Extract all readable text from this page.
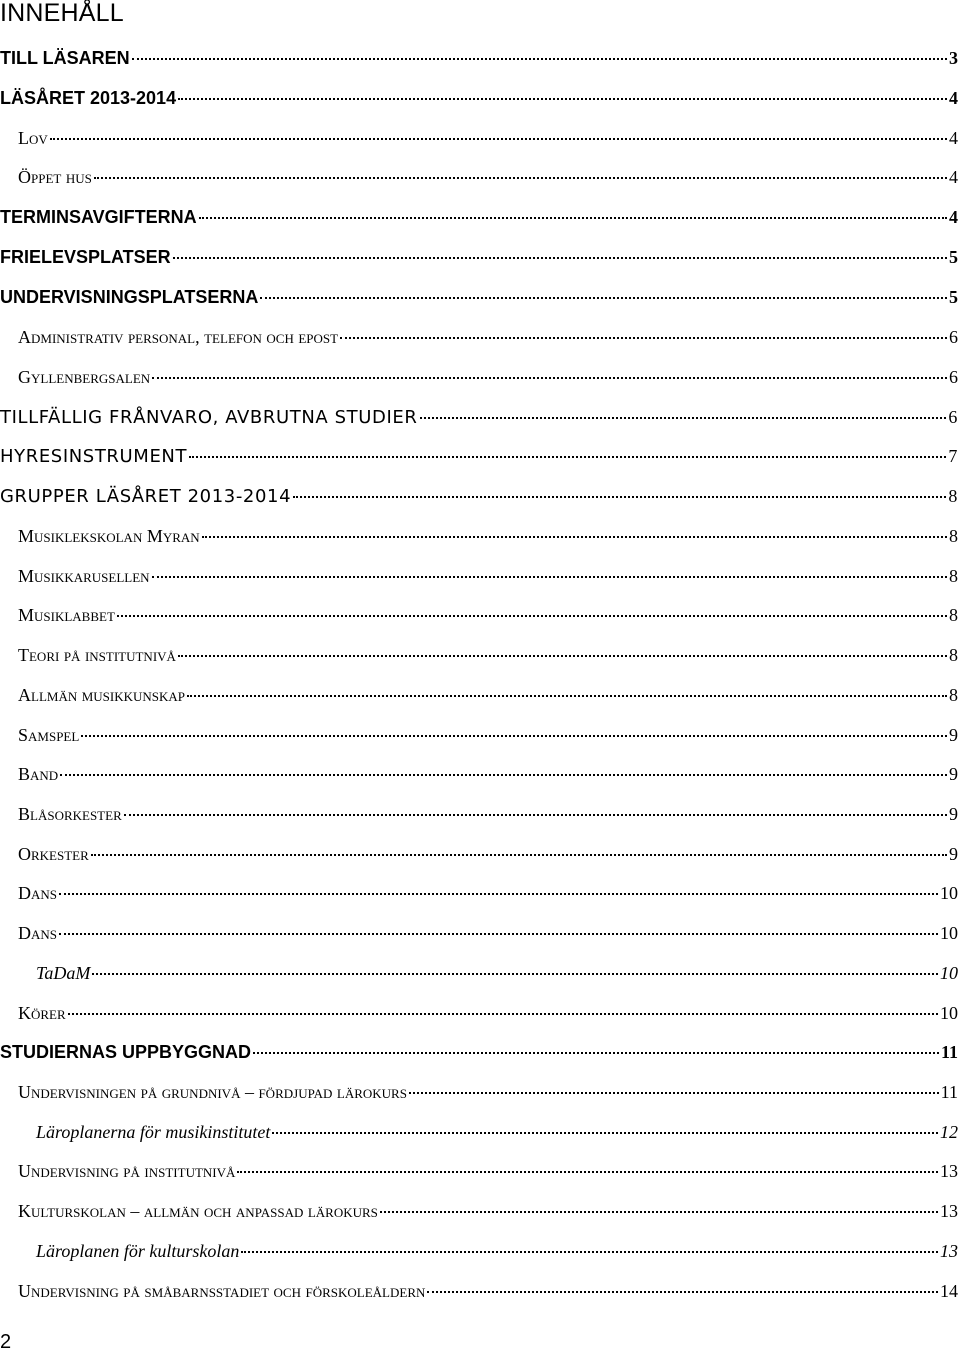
INNEHÅLL
TILL LÄSAREN	3
LÄSÅRET 2013-2014	4
Lov	4
Öppet hus	4
TERMINSAVGIFTERNA	4
FRIELEVSPLATSER	5
UNDERVISNINGSPLATSERNA	5
Administrativ personal, telefon och epost	6
Gyllenbergsalen	6
TILLFÄLLIG FRÅNVARO, AVBRUTNA STUDIER	6
HYRESINSTRUMENT	7
GRUPPER LÄSÅRET 2013-2014	8
Musiklekskolan Myran	8
Musikkarusellen	8
Musiklabbet	8
Teori på institutnivå	8
Allmän musikkunskap	8
Samspel	9
Band	9
Blåsorkester	9
Orkester	9
Dans	10
Dans	10
TaDaM	10
Körer	10
STUDIERNAS UPPBYGGNAD	11
Undervisningen på grundnivå – fördjupad lärokurs	11
Läroplanerna för musikinstitutet	12
Undervisning på institutnivå	13
Kulturskolan – allmän och anpassad lärokurs	13
Läroplanen för kulturskolan	13
Undervisning på småbarnsstadiet och förskoleåldern	14
2
